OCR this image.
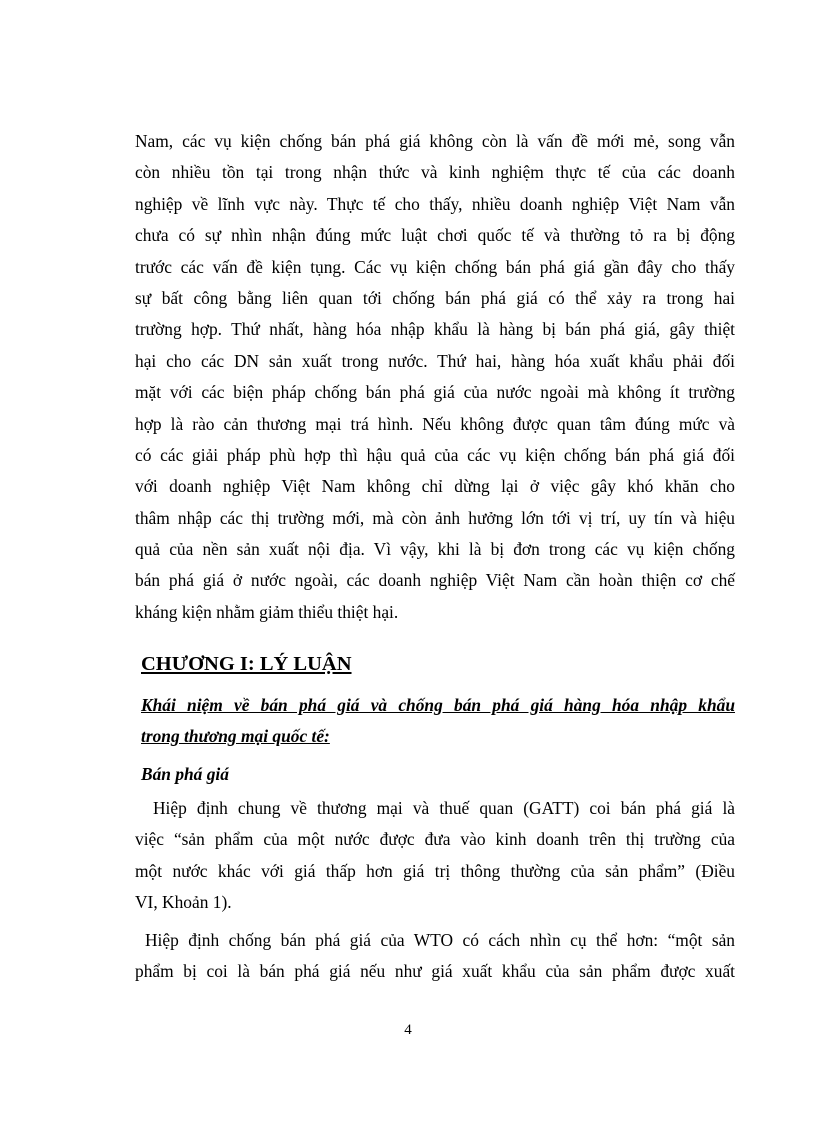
Nam, các vụ kiện chống bán phá giá không còn là vấn đề mới mẻ, song vẫn
còn nhiều tồn tại trong nhận thức và kinh nghiệm thực tế của các doanh
nghiệp về lĩnh vực này. Thực tế cho thấy, nhiều doanh nghiệp Việt Nam vẫn
chưa có sự nhìn nhận đúng mức luật chơi quốc tế và thường tỏ ra bị động
trước các vấn đề kiện tụng. Các vụ kiện chống bán phá giá gần đây cho thấy
sự bất công bằng liên quan tới chống bán phá giá có thể xảy ra trong hai
trường hợp. Thứ nhất, hàng hóa nhập khẩu là hàng bị bán phá giá, gây thiệt
hại cho các DN sản xuất trong nước. Thứ hai, hàng hóa xuất khẩu phải đối
mặt với các biện pháp chống bán phá giá của nước ngoài mà không ít trường
hợp là rào cản thương mại trá hình. Nếu không được quan tâm đúng mức và
có các giải pháp phù hợp thì hậu quả của các vụ kiện chống bán phá giá đối
với doanh nghiệp Việt Nam không chỉ dừng lại ở việc gây khó khăn cho
thâm nhập các thị trường mới, mà còn ảnh hưởng lớn tới vị trí, uy tín và hiệu
quả của nền sản xuất nội địa. Vì vậy, khi là bị đơn trong các vụ kiện chống
bán phá giá ở nước ngoài, các doanh nghiệp Việt Nam cần hoàn thiện cơ chế
kháng kiện nhằm giảm thiểu thiệt hại.
CHƯƠNG I: LÝ LUẬN
Khái niệm về bán phá giá và chống bán phá giá hàng hóa nhập khẩu
trong thương mại quốc tế:
Bán phá giá
Hiệp định chung về thương mại và thuế quan (GATT) coi bán phá giá là
việc “sản phẩm của một nước được đưa vào kinh doanh trên thị trường của
một nước khác với giá thấp hơn giá trị thông thường của sản phẩm” (Điều
VI, Khoản 1).
Hiệp định chống bán phá giá của WTO có cách nhìn cụ thể hơn: “một sản
phẩm bị coi là bán phá giá nếu như giá xuất khẩu của sản phẩm được xuất
4
